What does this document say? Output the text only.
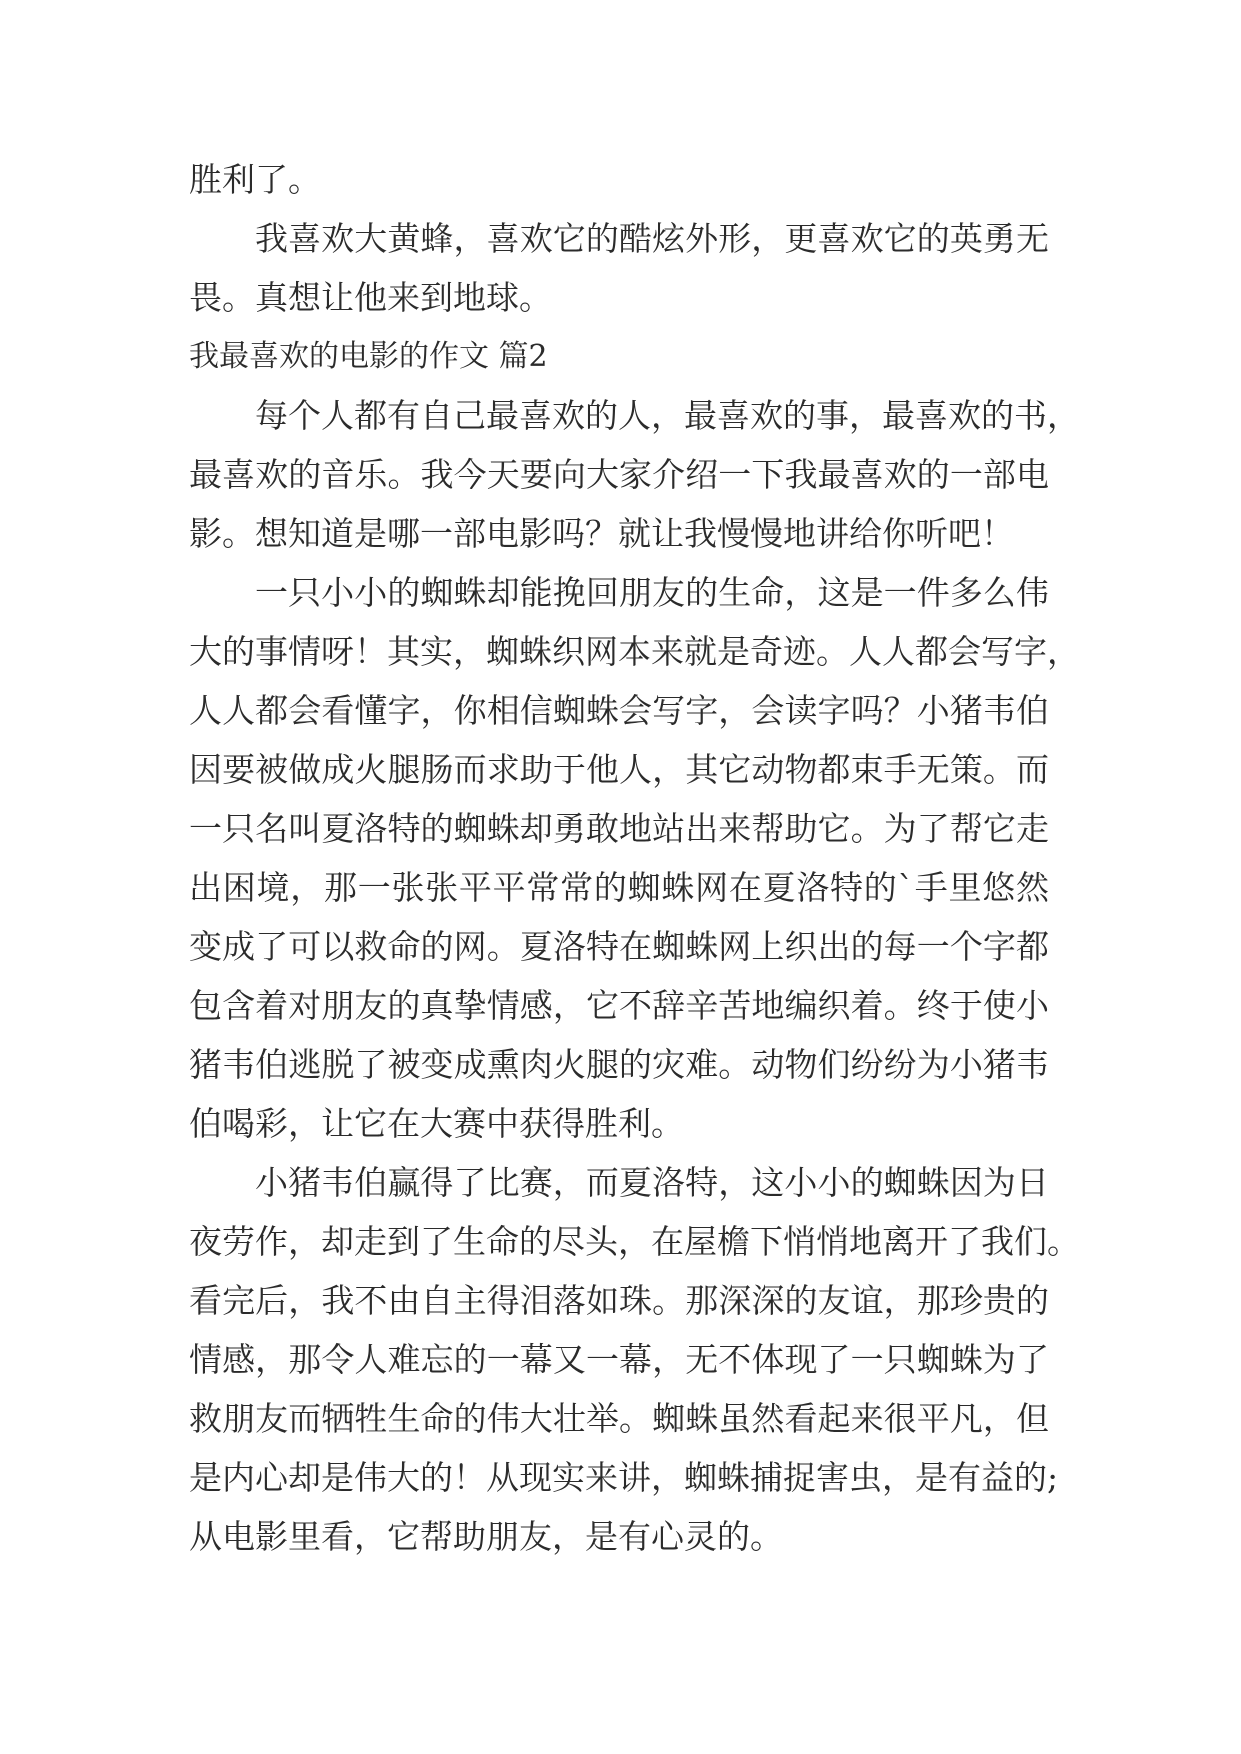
胜利了。
我喜欢大黄蜂，喜欢它的酷炫外形，更喜欢它的英勇无
畏。真想让他来到地球。
我最喜欢的电影的作文 篇2
每个人都有自己最喜欢的人，最喜欢的事，最喜欢的书，
最喜欢的音乐。我今天要向大家介绍一下我最喜欢的一部电
影。想知道是哪一部电影吗？就让我慢慢地讲给你听吧！
一只小小的蜘蛛却能挽回朋友的生命，这是一件多么伟
大的事情呀！其实，蜘蛛织网本来就是奇迹。人人都会写字，
人人都会看懂字，你相信蜘蛛会写字，会读字吗？小猪韦伯
因要被做成火腿肠而求助于他人，其它动物都束手无策。而
一只名叫夏洛特的蜘蛛却勇敢地站出来帮助它。为了帮它走
出困境，那一张张平平常常的蜘蛛网在夏洛特的`手里悠然
变成了可以救命的网。夏洛特在蜘蛛网上织出的每一个字都
包含着对朋友的真挚情感，它不辞辛苦地编织着。终于使小
猪韦伯逃脱了被变成熏肉火腿的灾难。动物们纷纷为小猪韦
伯喝彩，让它在大赛中获得胜利。
小猪韦伯赢得了比赛，而夏洛特，这小小的蜘蛛因为日
夜劳作，却走到了生命的尽头，在屋檐下悄悄地离开了我们。
看完后，我不由自主得泪落如珠。那深深的友谊，那珍贵的
情感，那令人难忘的一幕又一幕，无不体现了一只蜘蛛为了
救朋友而牺牲生命的伟大壮举。蜘蛛虽然看起来很平凡，但
是内心却是伟大的！从现实来讲，蜘蛛捕捉害虫，是有益的;
从电影里看，它帮助朋友，是有心灵的。
